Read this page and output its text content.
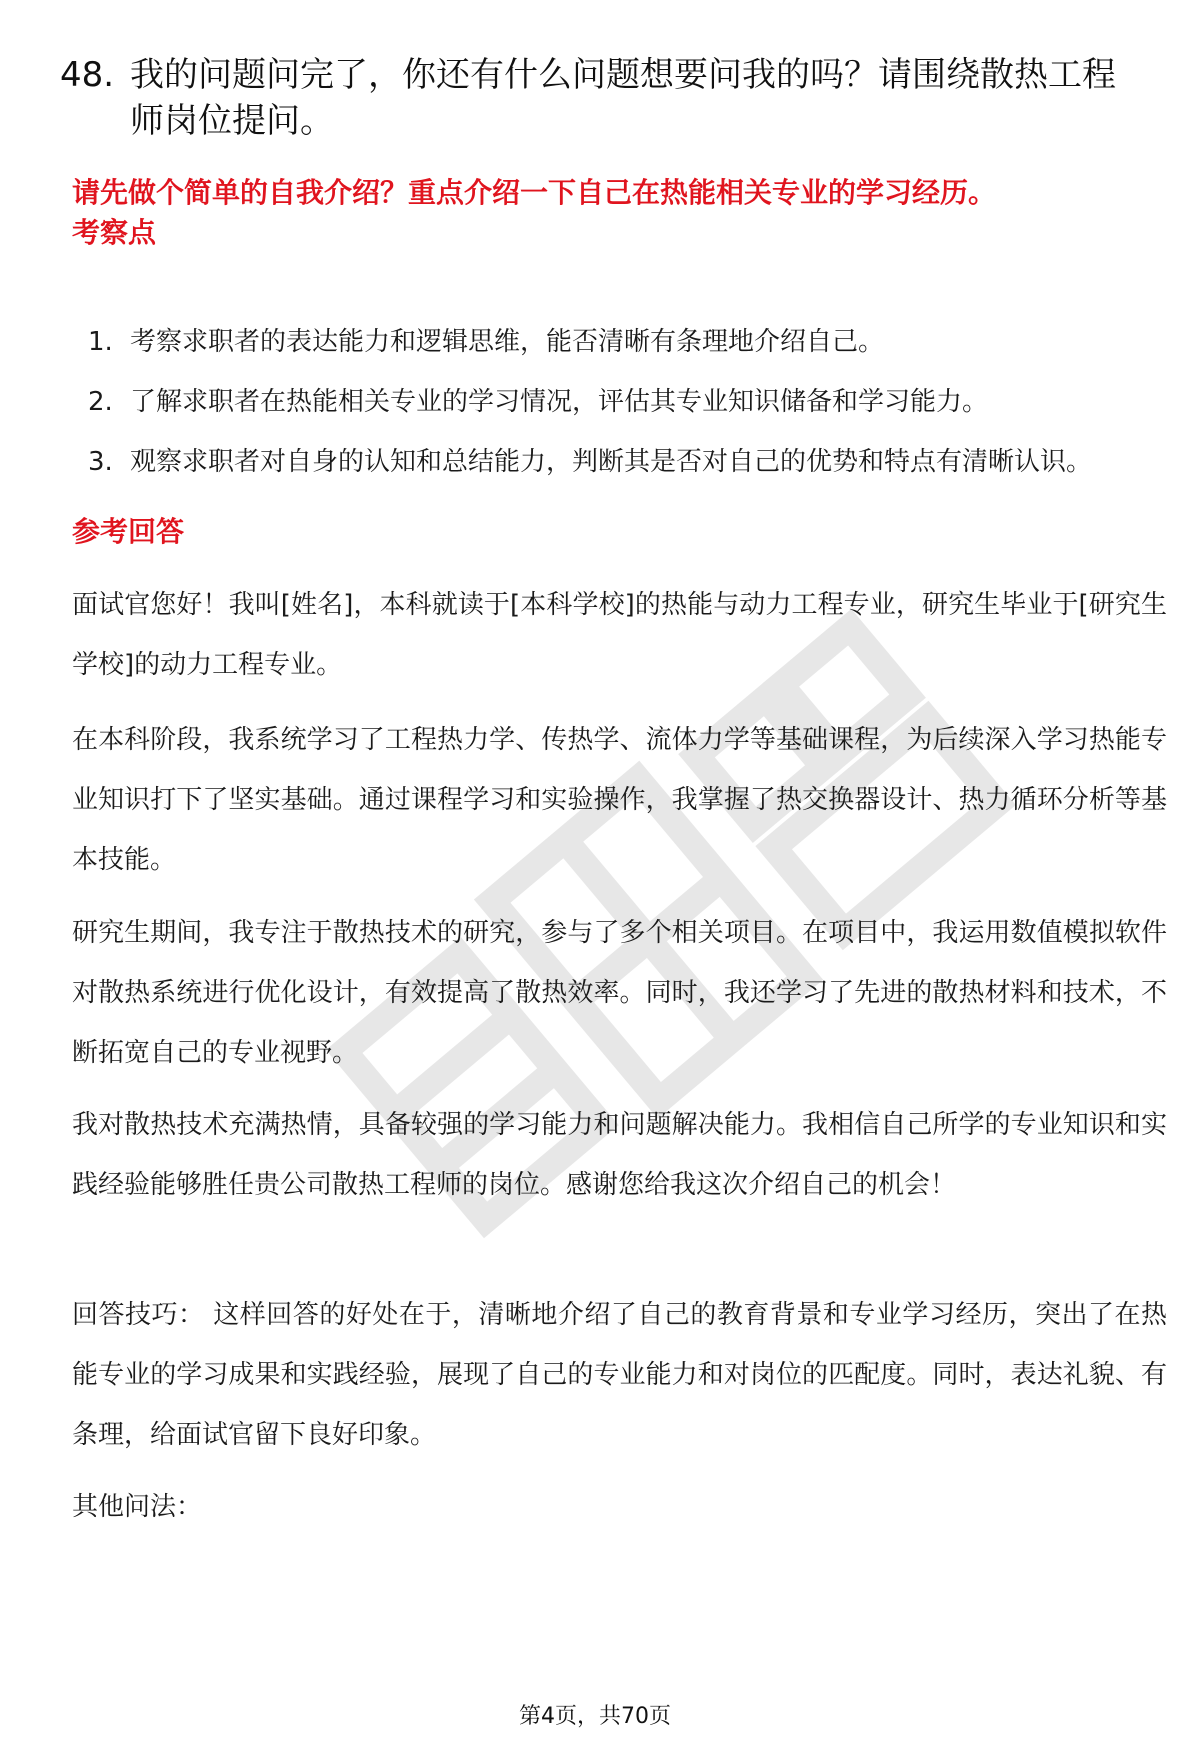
48. 我的问题问完了，你还有什么问题想要问我的吗？请围绕散热工程师岗位提问。
请先做个简单的自我介绍？重点介绍一下自己在热能相关专业的学习经历。
考察点
1. 考察求职者的表达能力和逻辑思维，能否清晰有条理地介绍自己。
2. 了解求职者在热能相关专业的学习情况，评估其专业知识储备和学习能力。
3. 观察求职者对自身的认知和总结能力，判断其是否对自己的优势和特点有清晰认识。
参考回答

面试官您好！我叫[姓名]，本科就读于[本科学校]的热能与动力工程专业，研究生毕业于[研究生学校]的动力工程专业。

在本科阶段，我系统学习了工程热力学、传热学、流体力学等基础课程，为后续深入学习热能专业知识打下了坚实基础。通过课程学习和实验操作，我掌握了热交换器设计、热力循环分析等基本技能。

研究生期间，我专注于散热技术的研究，参与了多个相关项目。在项目中，我运用数值模拟软件对散热系统进行优化设计，有效提高了散热效率。同时，我还学习了先进的散热材料和技术，不断拓宽自己的专业视野。

我对散热技术充满热情，具备较强的学习能力和问题解决能力。我相信自己所学的专业知识和实践经验能够胜任贵公司散热工程师的岗位。感谢您给我这次介绍自己的机会！

回答技巧： 这样回答的好处在于，清晰地介绍了自己的教育背景和专业学习经历，突出了在热能专业的学习成果和实践经验，展现了自己的专业能力和对岗位的匹配度。同时，表达礼貌、有条理，给面试官留下良好印象。

其他问法：

第4页，共70页
